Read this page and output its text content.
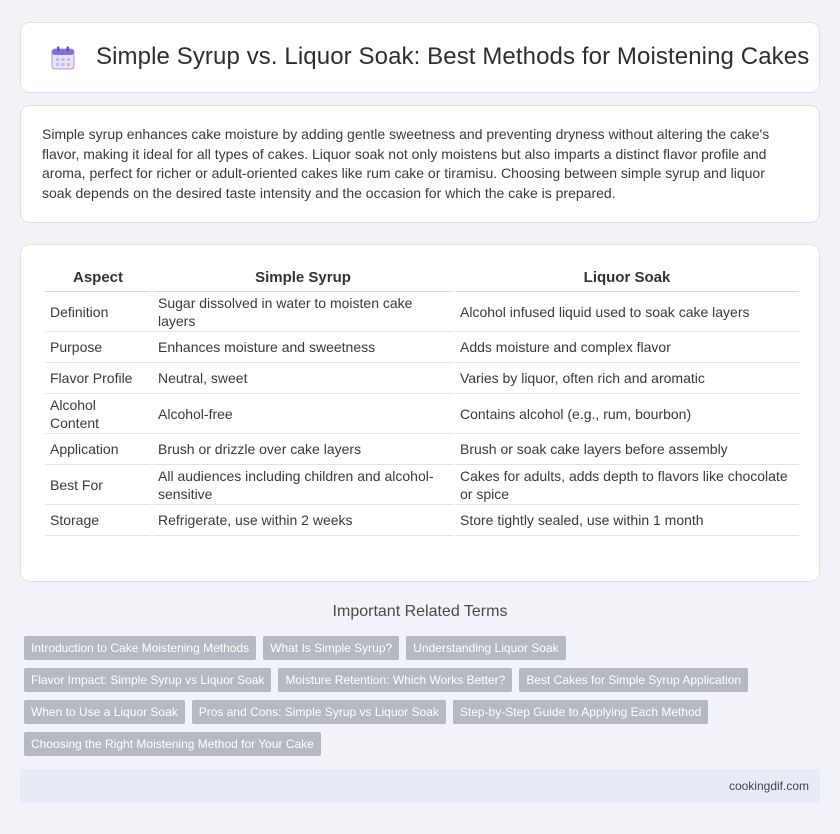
Simple Syrup vs. Liquor Soak: Best Methods for Moistening Cakes

Simple syrup enhances cake moisture by adding gentle sweetness and preventing dryness without altering the cake's flavor, making it ideal for all types of cakes. Liquor soak not only moistens but also imparts a distinct flavor profile and aroma, perfect for richer or adult-oriented cakes like rum cake or tiramisu. Choosing between simple syrup and liquor soak depends on the desired taste intensity and the occasion for which the cake is prepared.

Aspect	Simple Syrup	Liquor Soak
Definition	Sugar dissolved in water to moisten cake layers	Alcohol infused liquid used to soak cake layers
Purpose	Enhances moisture and sweetness	Adds moisture and complex flavor
Flavor Profile	Neutral, sweet	Varies by liquor, often rich and aromatic
Alcohol Content	Alcohol-free	Contains alcohol (e.g., rum, bourbon)
Application	Brush or drizzle over cake layers	Brush or soak cake layers before assembly
Best For	All audiences including children and alcohol-sensitive	Cakes for adults, adds depth to flavors like chocolate or spice
Storage	Refrigerate, use within 2 weeks	Store tightly sealed, use within 1 month
Important Related Terms
Introduction to Cake Moistening Methods	What Is Simple Syrup?	Understanding Liquor Soak
Flavor Impact: Simple Syrup vs Liquor Soak	Moisture Retention: Which Works Better?	Best Cakes for Simple Syrup Application
When to Use a Liquor Soak	Pros and Cons: Simple Syrup vs Liquor Soak	Step-by-Step Guide to Applying Each Method
Choosing the Right Moistening Method for Your Cake
cookingdif.com
